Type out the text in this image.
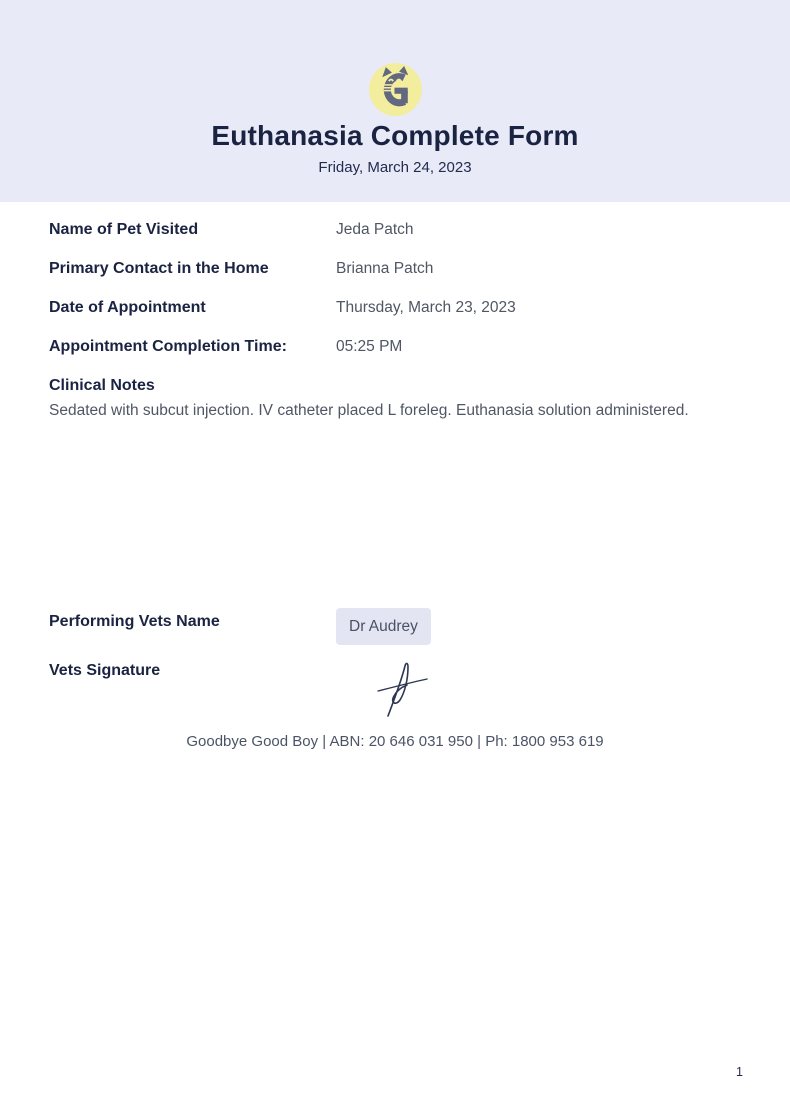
Euthanasia Complete Form
Friday, March 24, 2023
Name of Pet Visited	Jeda Patch
Primary Contact in the Home	Brianna Patch
Date of Appointment	Thursday, March 23, 2023
Appointment Completion Time:	05:25 PM
Clinical Notes
Sedated with subcut injection. IV catheter placed L foreleg. Euthanasia solution administered.
Performing Vets Name	Dr Audrey
Vets Signature
Goodbye Good Boy | ABN: 20 646 031 950 | Ph: 1800 953 619
1
